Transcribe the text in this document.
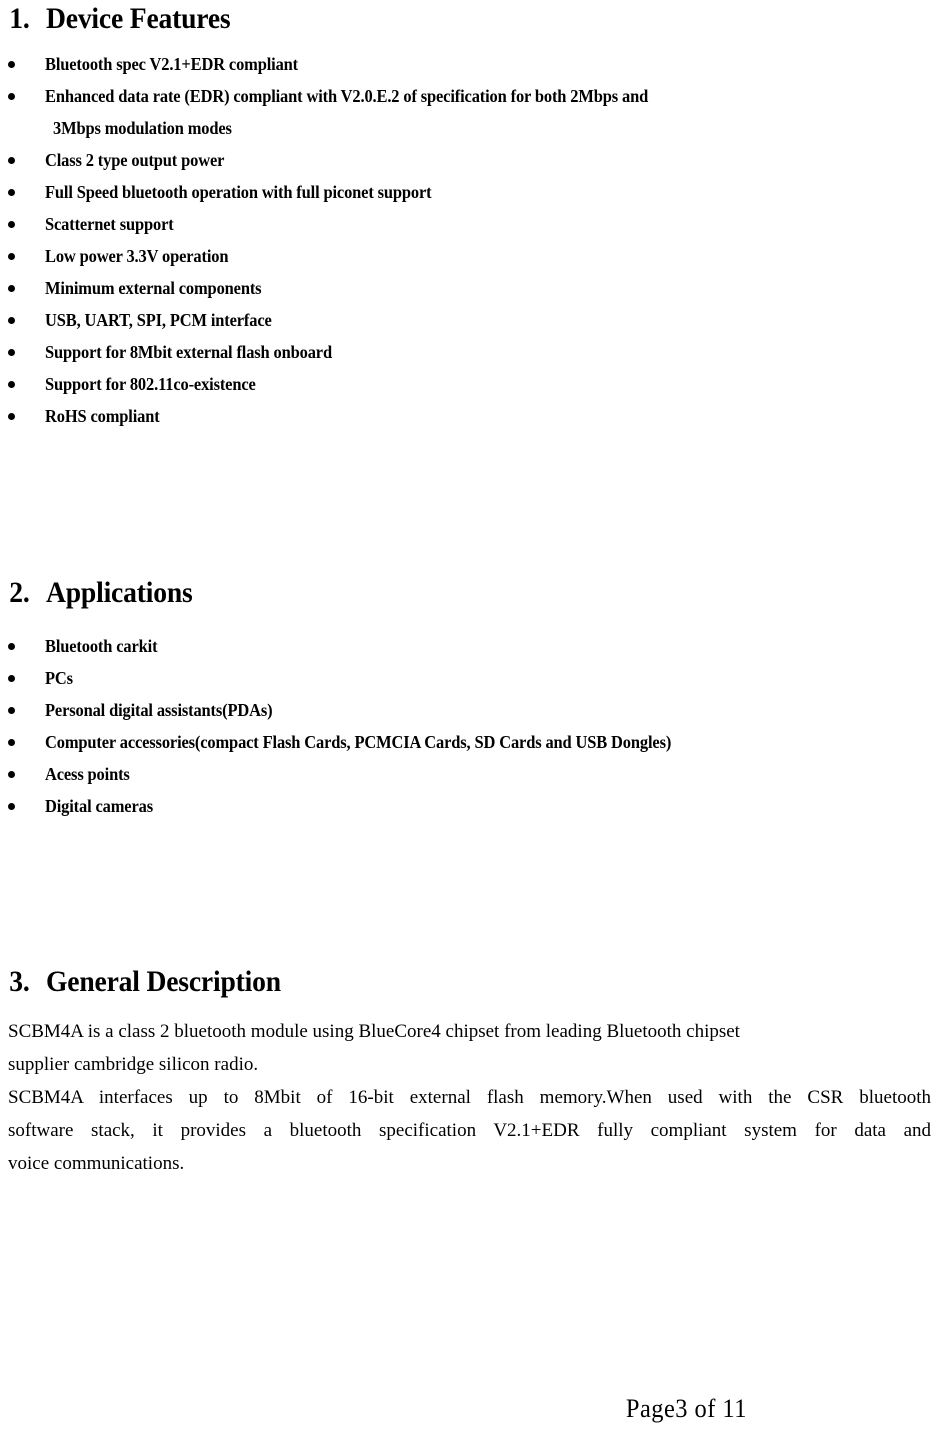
1. Device Features
Bluetooth spec V2.1+EDR compliant
Enhanced data rate (EDR) compliant with V2.0.E.2 of specification for both 2Mbps and
3Mbps modulation modes
Class 2 type output power
Full Speed bluetooth operation with full piconet support
Scatternet support
Low power 3.3V operation
Minimum external components
USB, UART, SPI, PCM interface
Support for 8Mbit external flash onboard
Support for 802.11co-existence
RoHS compliant
2. Applications
Bluetooth carkit
PCs
Personal digital assistants(PDAs)
Computer accessories(compact Flash Cards, PCMCIA Cards, SD Cards and USB Dongles)
Acess points
Digital cameras
3. General Description
SCBM4A is a class 2 bluetooth module using BlueCore4 chipset from leading Bluetooth chipset
supplier cambridge silicon radio.
SCBM4A interfaces up to 8Mbit of 16-bit external flash memory.When used with the CSR bluetooth
software stack, it provides a bluetooth specification V2.1+EDR fully compliant system for data and
voice communications.
Page3 of 11
